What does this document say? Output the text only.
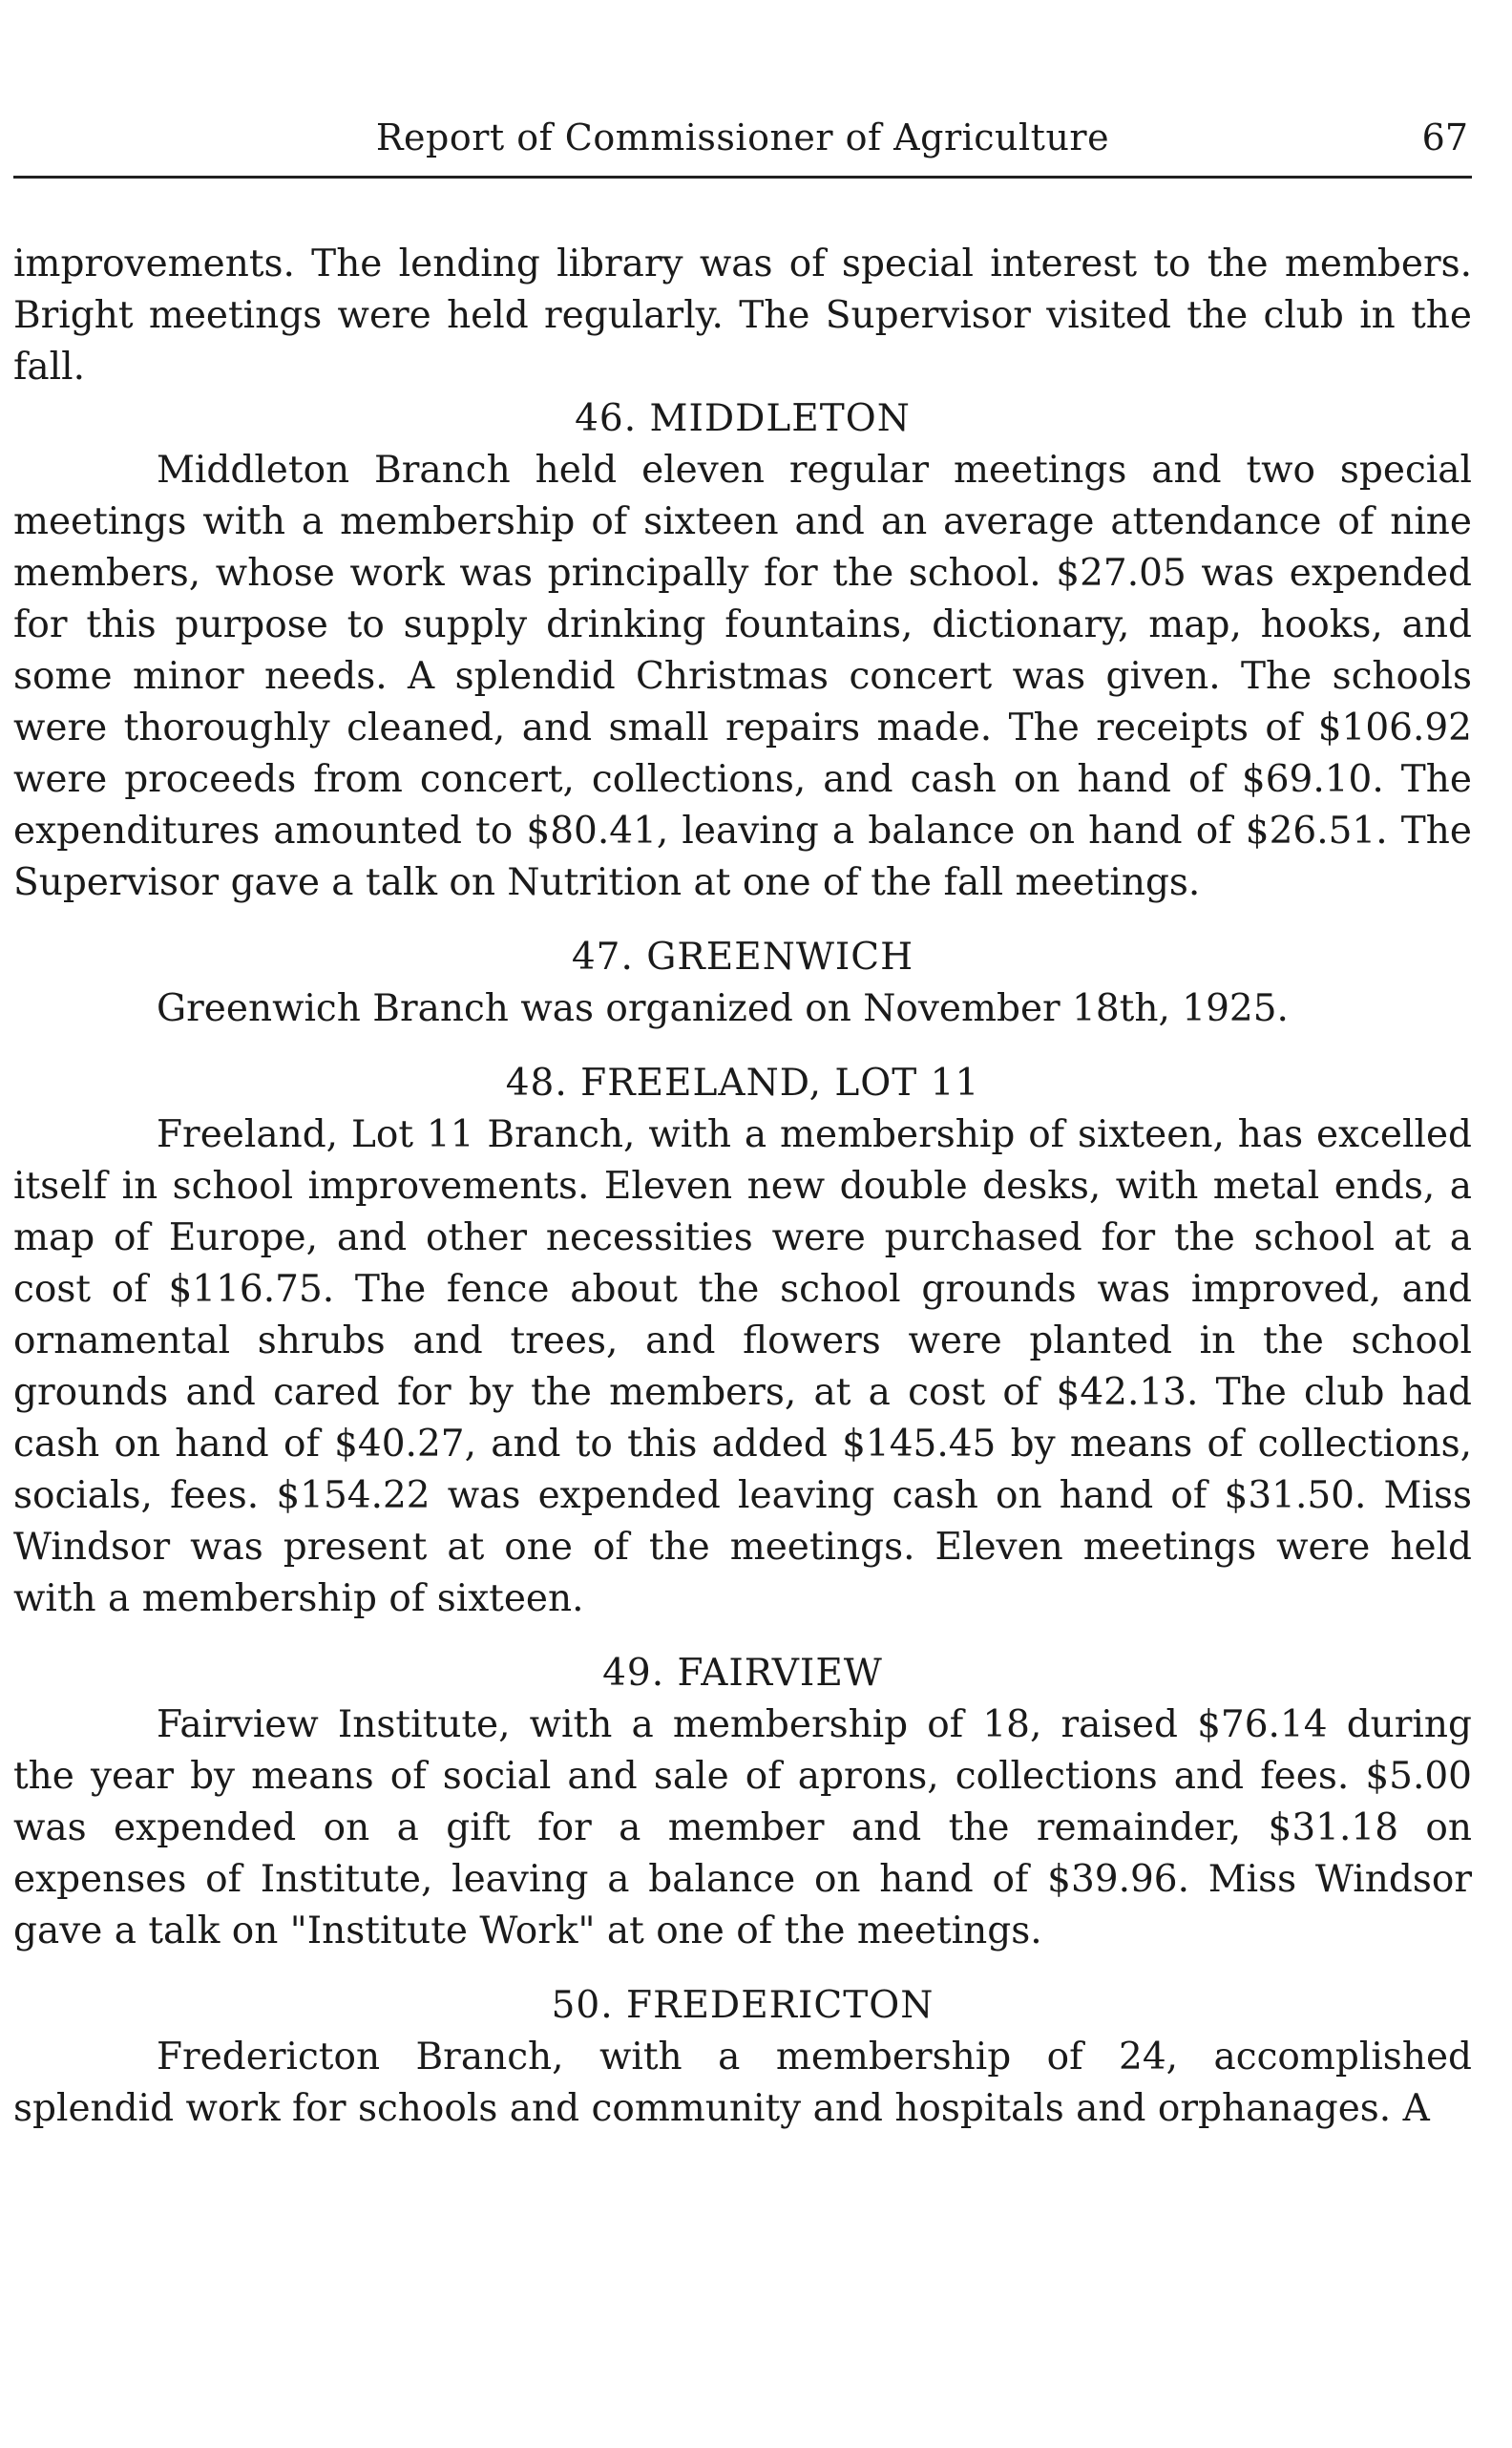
Report of Commissioner of Agriculture	67

improvements. The lending library was of special interest to the members. Bright meetings were held regularly. The Supervisor visited the club in the fall.

46. MIDDLETON

Middleton Branch held eleven regular meetings and two special meetings with a membership of sixteen and an average attendance of nine members, whose work was principally for the school. $27.05 was expended for this purpose to supply drinking fountains, dictionary, map, hooks, and some minor needs. A splendid Christmas concert was given. The schools were thoroughly cleaned, and small repairs made. The receipts of $106.92 were proceeds from concert, collections, and cash on hand of $69.10. The expenditures amounted to $80.41, leaving a balance on hand of $26.51. The Supervisor gave a talk on Nutrition at one of the fall meetings.

47. GREENWICH

Greenwich Branch was organized on November 18th, 1925.

48. FREELAND, LOT 11

Freeland, Lot 11 Branch, with a membership of sixteen, has excelled itself in school improvements. Eleven new double desks, with metal ends, a map of Europe, and other necessities were purchased for the school at a cost of $116.75. The fence about the school grounds was improved, and ornamental shrubs and trees, and flowers were planted in the school grounds and cared for by the members, at a cost of $42.13. The club had cash on hand of $40.27, and to this added $145.45 by means of collections, socials, fees. $154.22 was expended leaving cash on hand of $31.50. Miss Windsor was present at one of the meetings. Eleven meetings were held with a membership of sixteen.

49. FAIRVIEW

Fairview Institute, with a membership of 18, raised $76.14 during the year by means of social and sale of aprons, collections and fees. $5.00 was expended on a gift for a member and the remainder, $31.18 on expenses of Institute, leaving a balance on hand of $39.96. Miss Windsor gave a talk on "Institute Work" at one of the meetings.

50. FREDERICTON

Fredericton Branch, with a membership of 24, accomplished splendid work for schools and community and hospitals and orphanages. A
